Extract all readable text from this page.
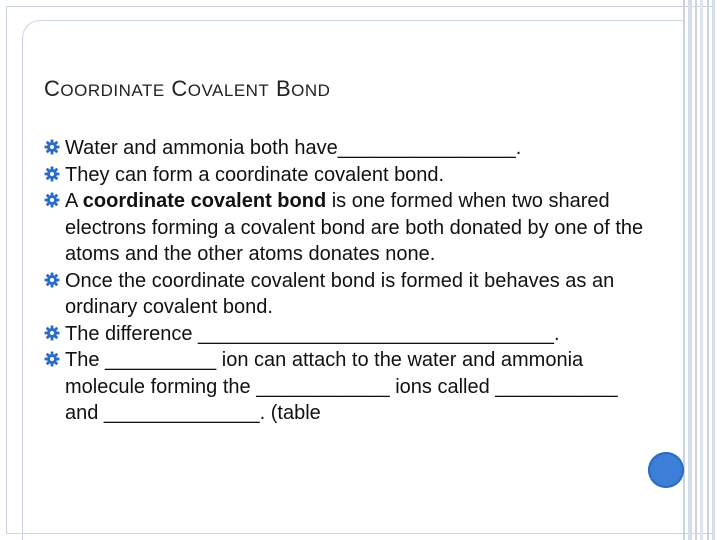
COORDINATE COVALENT BOND
Water and ammonia both have________________.
They can form a coordinate covalent bond.
A coordinate covalent bond is one formed when two shared electrons forming a covalent bond are both donated by one of the atoms and the other atoms donates none.
Once the coordinate covalent bond is formed it behaves as an ordinary covalent bond.
The difference ________________________________.
The __________ ion can attach to the water and ammonia molecule forming the ____________ ions called ___________ and ______________. (table
